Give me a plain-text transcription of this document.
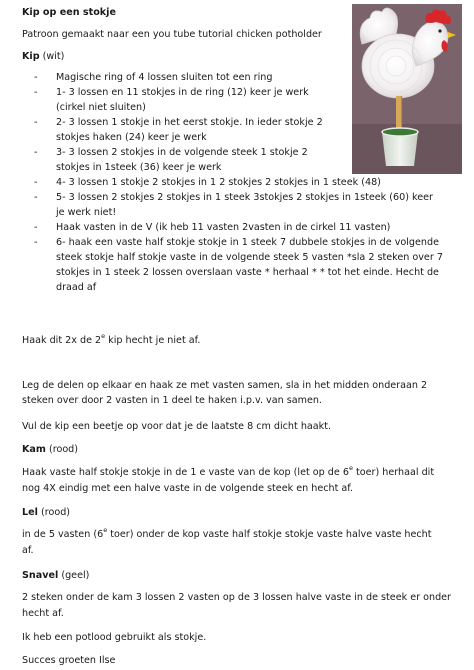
Kip op een stokje
Patroon gemaakt naar een you tube tutorial chicken potholder
Kip (wit)
- Magische ring of 4 lossen sluiten tot een ring
- 1- 3 lossen en 11 stokjes in de ring (12) keer je werk
(cirkel niet sluiten)
- 2- 3 lossen 1 stokje in het eerst stokje. In ieder stokje 2
stokjes haken (24) keer je werk
- 3- 3 lossen 2 stokjes in de volgende steek 1 stokje 2
stokjes in 1steek (36) keer je werk
- 4- 3 lossen 1 stokje 2 stokjes in 1 2 stokjes 2 stokjes in 1 steek (48)
- 5- 3 lossen 2 stokjes 2 stokjes in 1 steek 3stokjes 2 stokjes in 1steek (60) keer
je werk niet!
- Haak vasten in de V (ik heb 11 vasten 2vasten in de cirkel 11 vasten)
- 6- haak een vaste half stokje stokje in 1 steek 7 dubbele stokjes in de volgende
steek stokje half stokje vaste in de volgende steek 5 vasten *sla 2 steken over 7
stokjes in 1 steek 2 lossen overslaan vaste * herhaal * * tot het einde. Hecht de
draad af
Haak dit 2x de 2e kip hecht je niet af.
Leg de delen op elkaar en haak ze met vasten samen, sla in het midden onderaan 2
steken over door 2 vasten in 1 deel te haken i.p.v. van samen.
Vul de kip een beetje op voor dat je de laatste 8 cm dicht haakt.
Kam (rood)
Haak vaste half stokje stokje in de 1 e vaste van de kop (let op de 6e toer) herhaal dit
nog 4X eindig met een halve vaste in de volgende steek en hecht af.
Lel (rood)
in de 5 vasten (6e toer) onder de kop vaste half stokje stokje vaste halve vaste hecht
af.
Snavel (geel)
2 steken onder de kam 3 lossen 2 vasten op de 3 lossen halve vaste in de steek er onder
hecht af.
Ik heb een potlood gebruikt als stokje.
Succes groeten Ilse
